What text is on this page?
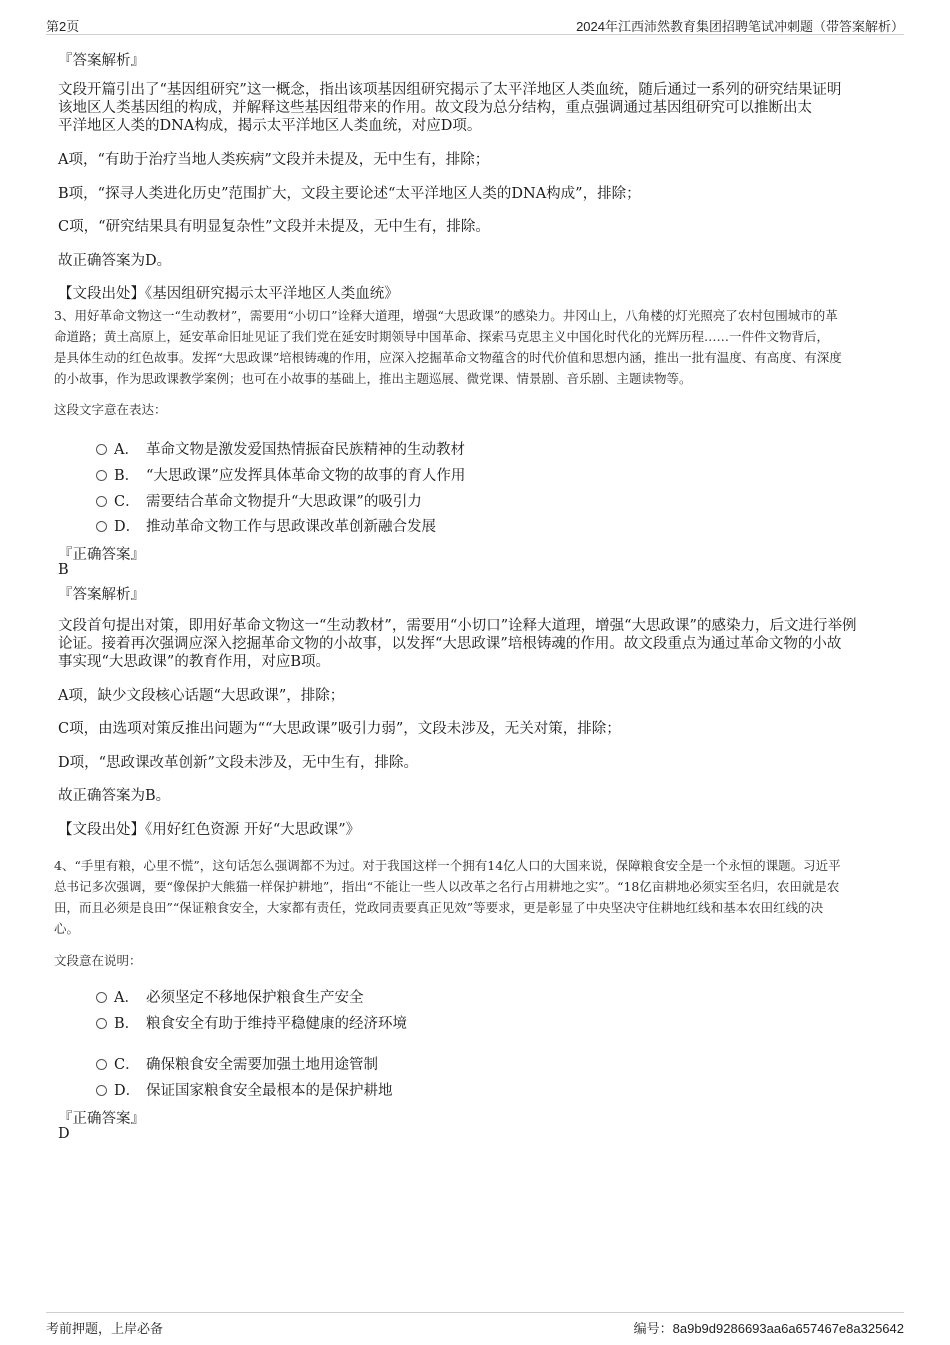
第2页	2024年江西沛然教育集团招聘笔试冲刺题（带答案解析）
『答案解析』
文段开篇引出了“基因组研究”这一概念，指出该项基因组研究揭示了太平洋地区人类血统，随后通过一系列的研究结果证明
该地区人类基因组的构成，并解释这些基因组带来的作用。故文段为总分结构，重点强调通过基因组研究可以推断出太
平洋地区人类的DNA构成，揭示太平洋地区人类血统，对应D项。
A项，“有助于治疗当地人类疾病”文段并未提及，无中生有，排除；
B项，“探寻人类进化历史”范围扩大，文段主要论述“太平洋地区人类的DNA构成”，排除；
C项，“研究结果具有明显复杂性”文段并未提及，无中生有，排除。
故正确答案为D。
【文段出处】《基因组研究揭示太平洋地区人类血统》
3、用好革命文物这一“生动教材”，需要用“小切口”诠释大道理，增强“大思政课”的感染力。井冈山上，八角楼的灯光照亮了农村包围城市的革
命道路；黄土高原上，延安革命旧址见证了我们党在延安时期领导中国革命、探索马克思主义中国化时代化的光辉历程……一件件文物背后，
是具体生动的红色故事。发挥“大思政课”培根铸魂的作用，应深入挖掘革命文物蕴含的时代价值和思想内涵，推出一批有温度、有高度、有深度
的小故事，作为思政课教学案例；也可在小故事的基础上，推出主题巡展、微党课、情景剧、音乐剧、主题读物等。
这段文字意在表达：
A． 革命文物是激发爱国热情振奋民族精神的生动教材
B． “大思政课”应发挥具体革命文物的故事的育人作用
C． 需要结合革命文物提升“大思政课”的吸引力
D． 推动革命文物工作与思政课改革创新融合发展
『正确答案』
B
『答案解析』
文段首句提出对策，即用好革命文物这一“生动教材”，需要用“小切口”诠释大道理，增强“大思政课”的感染力，后文进行举例
论证。接着再次强调应深入挖掘革命文物的小故事，以发挥“大思政课”培根铸魂的作用。故文段重点为通过革命文物的小故
事实现“大思政课”的教育作用，对应B项。
A项，缺少文段核心话题“大思政课”，排除；
C项，由选项对策反推出问题为““大思政课”吸引力弱”，文段未涉及，无关对策，排除；
D项，“思政课改革创新”文段未涉及，无中生有，排除。
故正确答案为B。
【文段出处】《用好红色资源 开好“大思政课”》
4、“手里有粮，心里不慌”，这句话怎么强调都不为过。对于我国这样一个拥有14亿人口的大国来说，保障粮食安全是一个永恒的课题。习近平
总书记多次强调，要“像保护大熊猫一样保护耕地”，指出“不能让一些人以改革之名行占用耕地之实”。“18亿亩耕地必须实至名归，农田就是农
田，而且必须是良田”“保证粮食安全，大家都有责任，党政同责要真正见效”等要求，更是彰显了中央坚决守住耕地红线和基本农田红线的决
心。
文段意在说明：
A． 必须坚定不移地保护粮食生产安全
B． 粮食安全有助于维持平稳健康的经济环境
C． 确保粮食安全需要加强土地用途管制
D． 保证国家粮食安全最根本的是保护耕地
『正确答案』
D
考前押题，上岸必备	编号：8a9b9d9286693aa6a657467e8a325642
